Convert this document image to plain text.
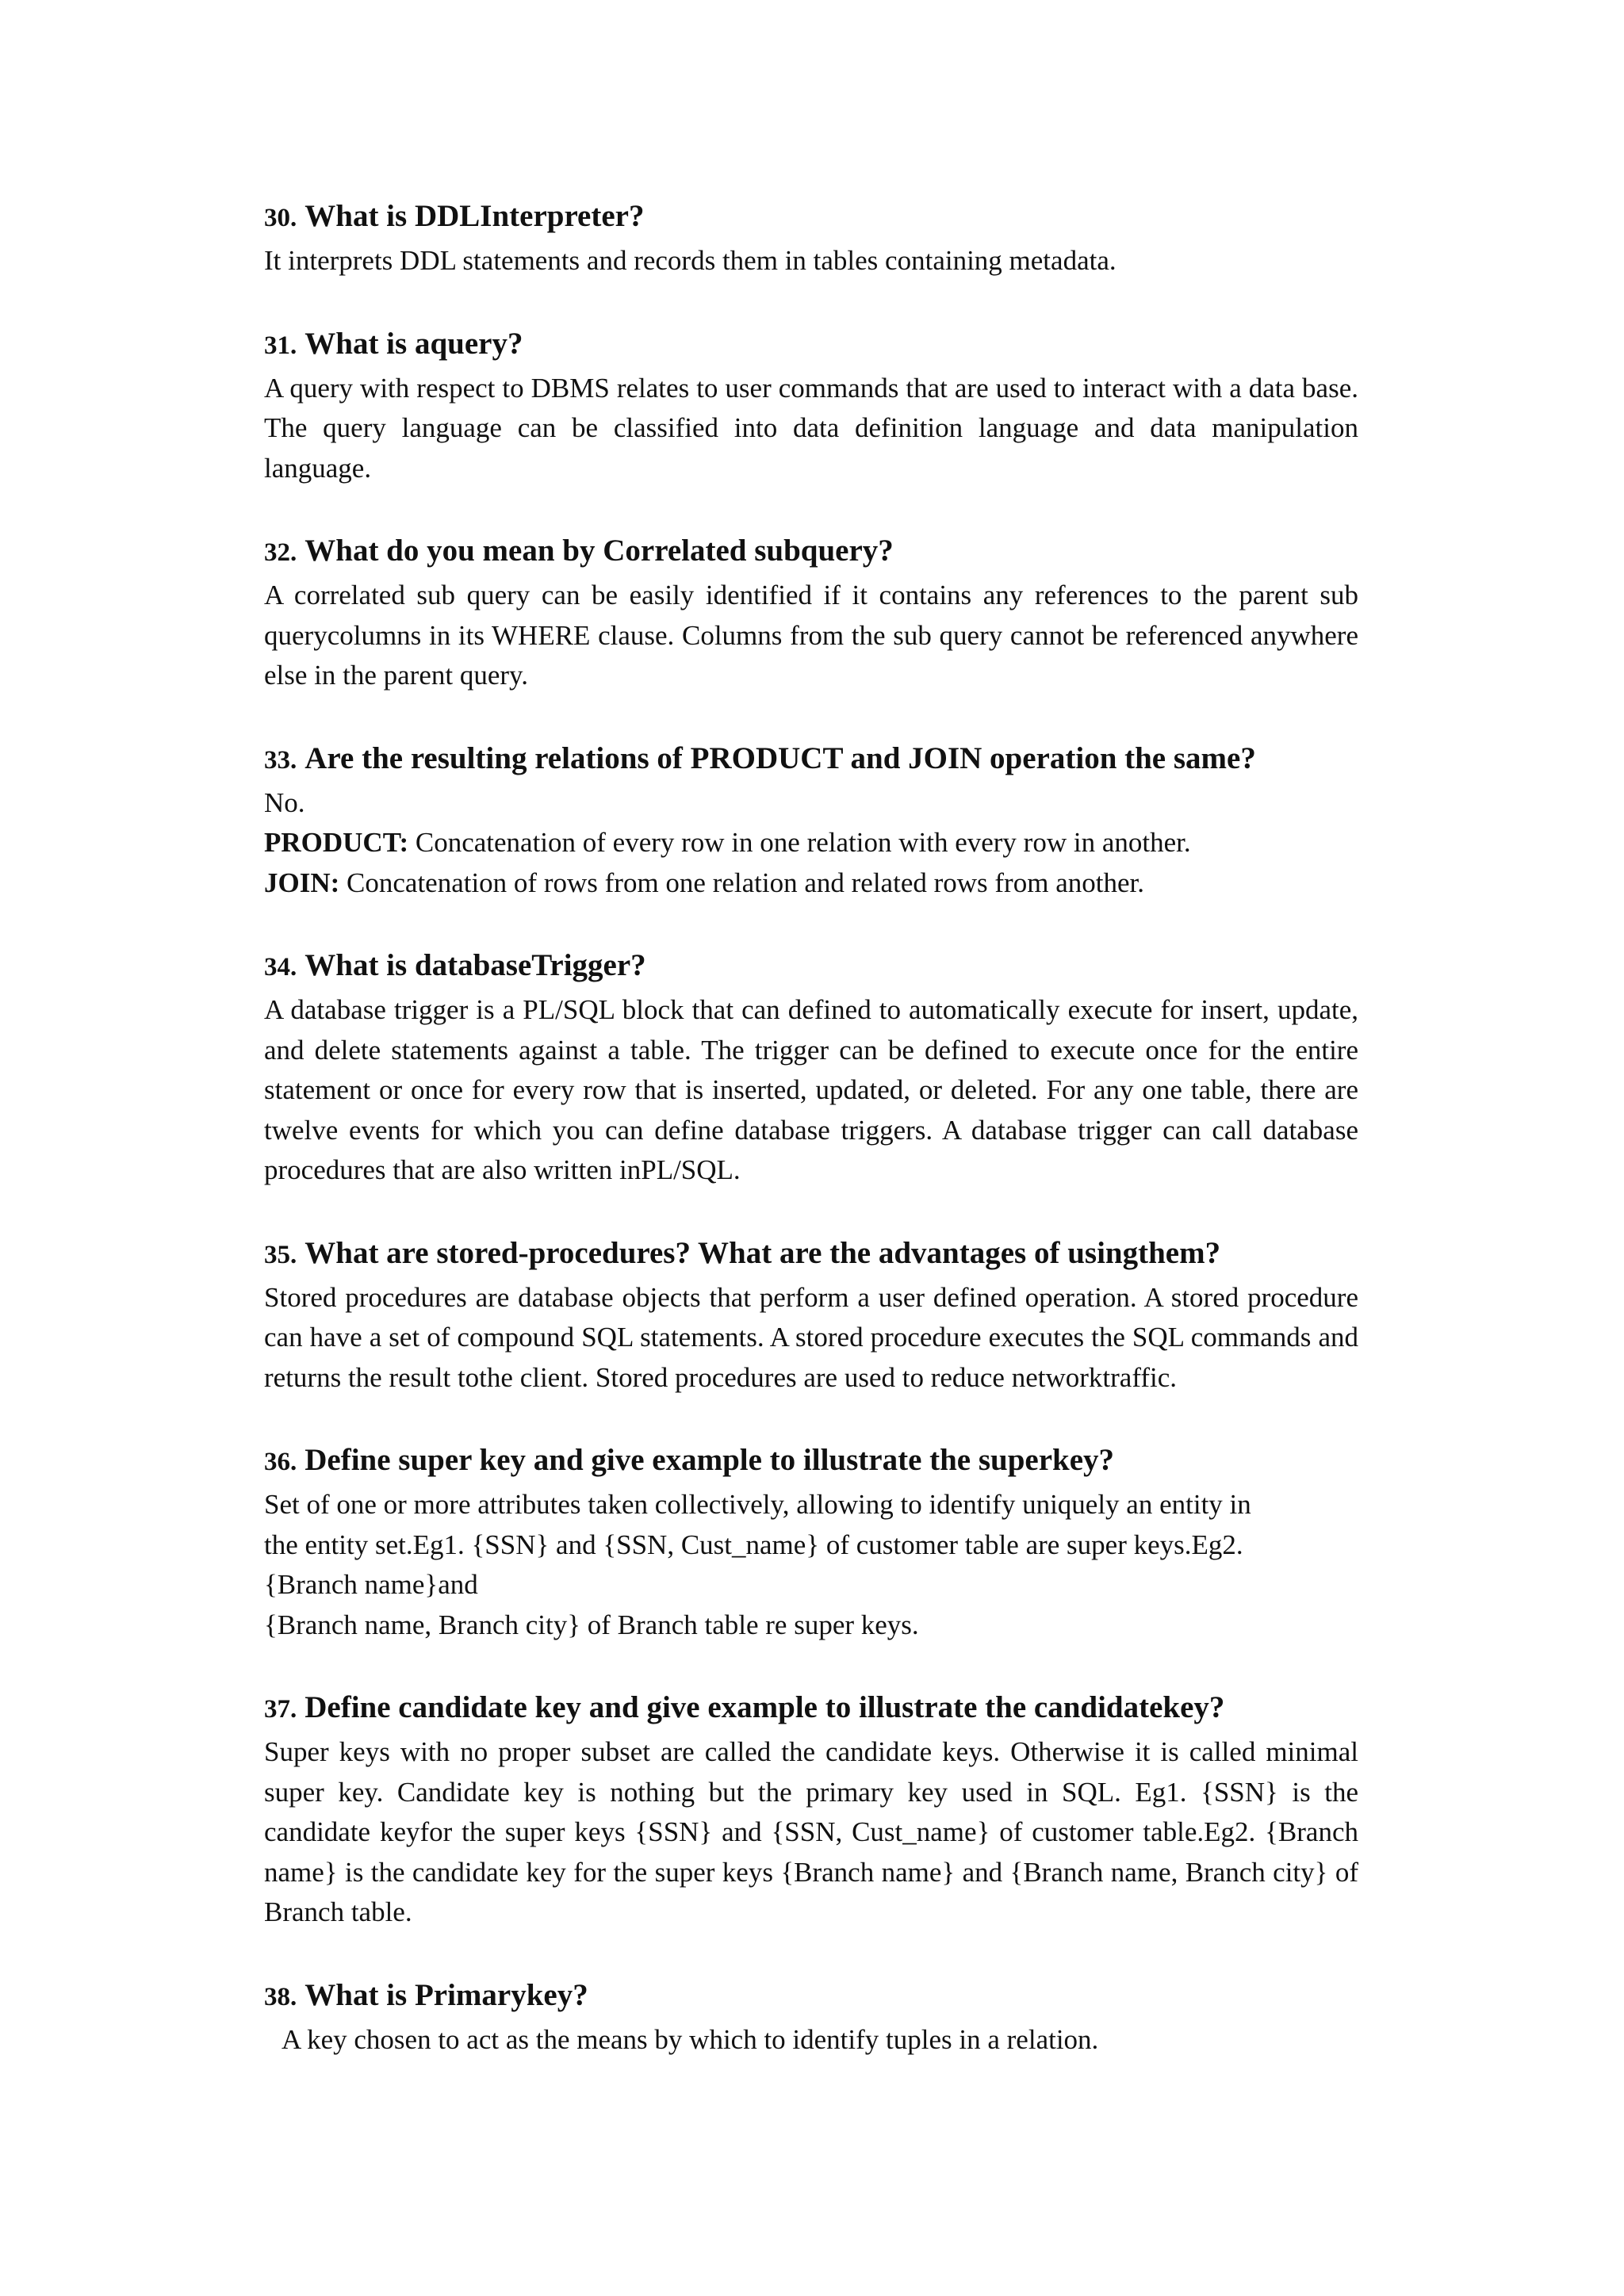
30. What is DDLInterpreter?

It interprets DDL statements and records them in tables containing metadata.

31. What is aquery?

A query with respect to DBMS relates to user commands that are used to interact with a data base. The query language can be classified into data definition language and data manipulation language.

32. What do you mean by Correlated subquery?

A correlated sub query can be easily identified if it contains any references to the parent sub querycolumns in its WHERE clause. Columns from the sub query cannot be referenced anywhere else in the parent query.

33. Are the resulting relations of PRODUCT and JOIN operation the same?

No.

PRODUCT: Concatenation of every row in one relation with every row in another.

JOIN: Concatenation of rows from one relation and related rows from another.

34. What is databaseTrigger?

A database trigger is a PL/SQL block that can defined to automatically execute for insert, update, and delete statements against a table. The trigger can be defined to execute once for the entire statement or once for every row that is inserted, updated, or deleted. For any one table, there are twelve events for which you can define database triggers. A database trigger can call database procedures that are also written inPL/SQL.

35. What are stored-procedures? What are the advantages of usingthem?

Stored procedures are database objects that perform a user defined operation. A stored procedure can have a set of compound SQL statements. A stored procedure executes the SQL commands and returns the result tothe client. Stored procedures are used to reduce networktraffic.

36. Define super key and give example to illustrate the superkey?

Set of one or more attributes taken collectively, allowing to identify uniquely an entity in
the entity set.Eg1. {SSN} and {SSN, Cust_name} of customer table are super keys.Eg2.
{Branch name}and
{Branch name, Branch city} of Branch table re super keys.

37. Define candidate key and give example to illustrate the candidatekey?

Super keys with no proper subset are called the candidate keys. Otherwise it is called minimal super key. Candidate key is nothing but the primary key used in SQL. Eg1. {SSN} is the candidate keyfor the super keys {SSN} and {SSN, Cust_name} of customer table.Eg2. {Branch name} is the candidate key for the super keys {Branch name} and {Branch name, Branch city} of Branch table.

38. What is Primarykey?

A key chosen to act as the means by which to identify tuples in a relation.
